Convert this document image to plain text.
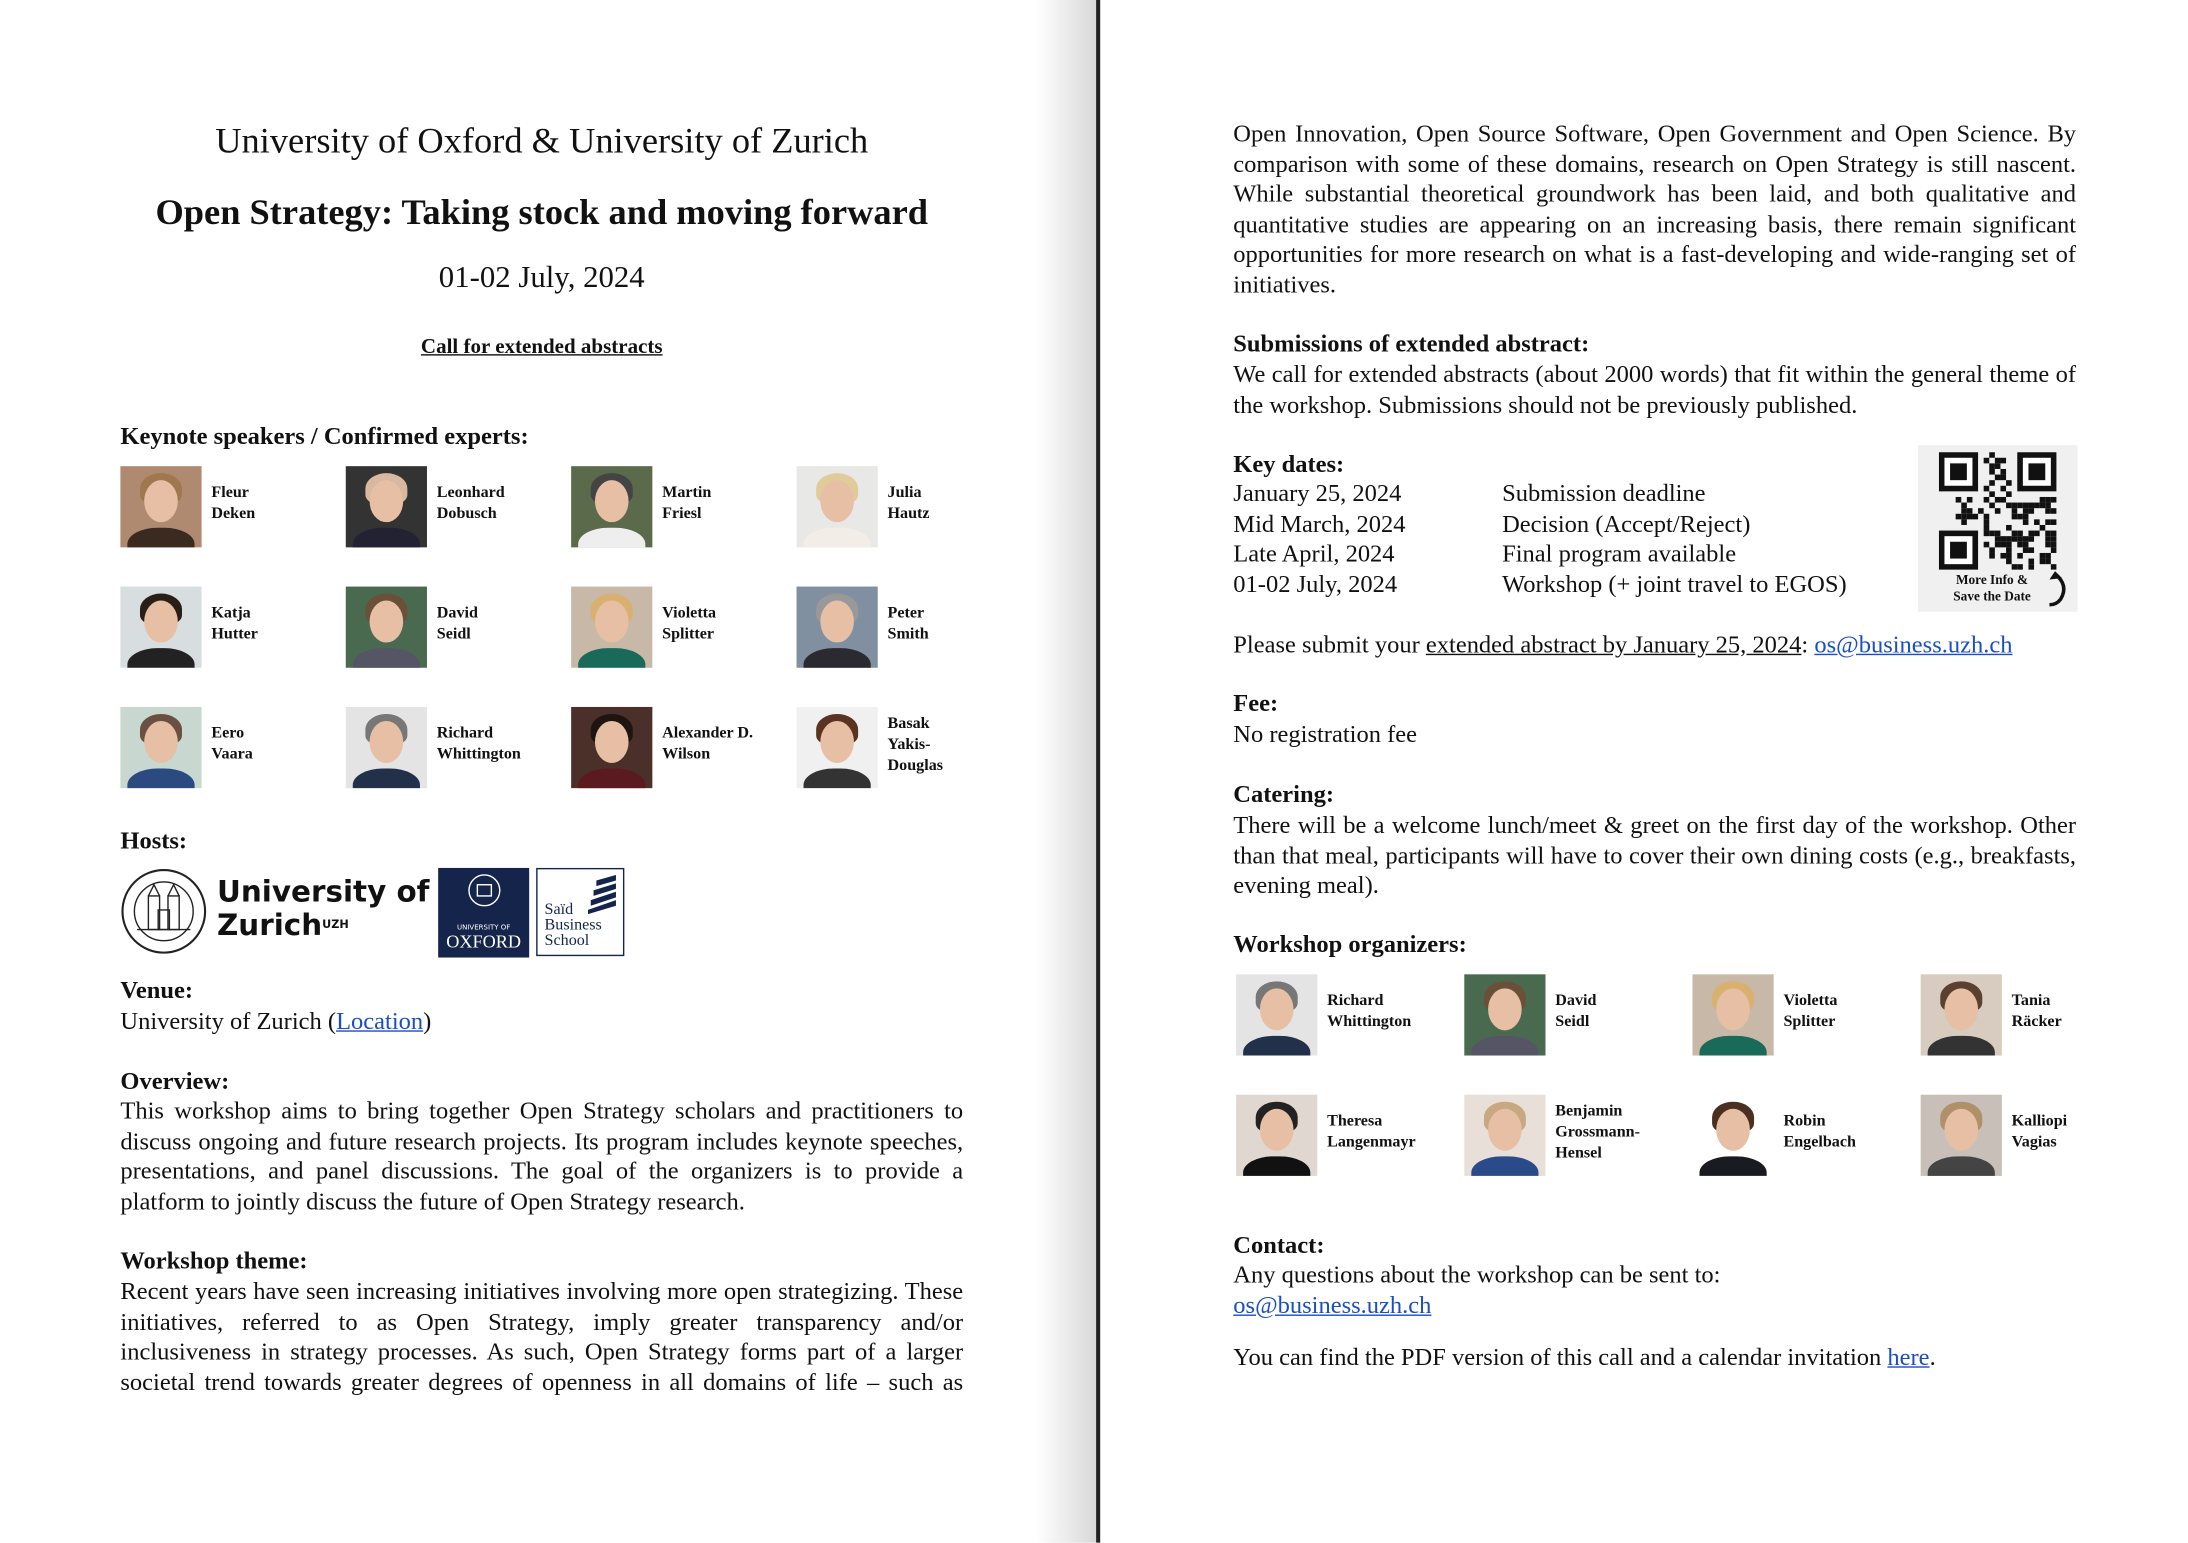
University of Oxford & University of Zurich
Open Strategy: Taking stock and moving forward
01-02 July, 2024
Call for extended abstracts
Keynote speakers / Confirmed experts:
Hosts:
University of
Zurich$^{UZH}$	UNIVERSITY OF
OXFORD
Saïd
Business
School
Venue:
University of Zurich (Location)
Overview:
This workshop aims to bring together Open Strategy scholars and practitioners to discuss ongoing and future research projects. Its program includes keynote speeches, presentations, and panel discussions. The goal of the organizers is to provide a platform to jointly discuss the future of Open Strategy research.
Workshop theme:
Recent years have seen increasing initiatives involving more open strategizing. These initiatives, referred to as Open Strategy, imply greater transparency and/or inclusiveness in strategy processes. As such, Open Strategy forms part of a larger societal trend towards greater degrees of openness in all domains of life – such as
Fleur
Deken
Leonhard
Dobusch
Martin
Friesl
Julia
Hautz
Katja
Hutter
David
Seidl
Violetta
Splitter
Peter
Smith
Eero
Vaara
Richard
Whittington
Alexander D.
Wilson
Basak
Yakis-
Douglas
Open Innovation, Open Source Software, Open Government and Open Science. By comparison with some of these domains, research on Open Strategy is still nascent. While substantial theoretical groundwork has been laid, and both qualitative and quantitative studies are appearing on an increasing basis, there remain significant opportunities for more research on what is a fast-developing and wide-ranging set of initiatives.
Submissions of extended abstract:
We call for extended abstracts (about 2000 words) that fit within the general theme of the workshop. Submissions should not be previously published.
Key dates:
January 25, 2024	Submission deadline
Mid March, 2024	Decision (Accept/Reject)
Late April, 2024	Final program available
01-02 July, 2024	Workshop (+ joint travel to EGOS)	More Info &
Save the Date
Please submit your extended abstract by January 25, 2024: os@business.uzh.ch
Fee:
No registration fee
Catering:
There will be a welcome lunch/meet & greet on the first day of the workshop. Other than that meal, participants will have to cover their own dining costs (e.g., breakfasts, evening meal).
Workshop organizers:
Contact:
Any questions about the workshop can be sent to:
os@business.uzh.ch
You can find the PDF version of this call and a calendar invitation here.
Richard
Whittington
David
Seidl
Violetta
Splitter
Tania
Räcker
Theresa
Langenmayr
Benjamin
Grossmann-
Hensel
Robin
Engelbach
Kalliopi
Vagias
